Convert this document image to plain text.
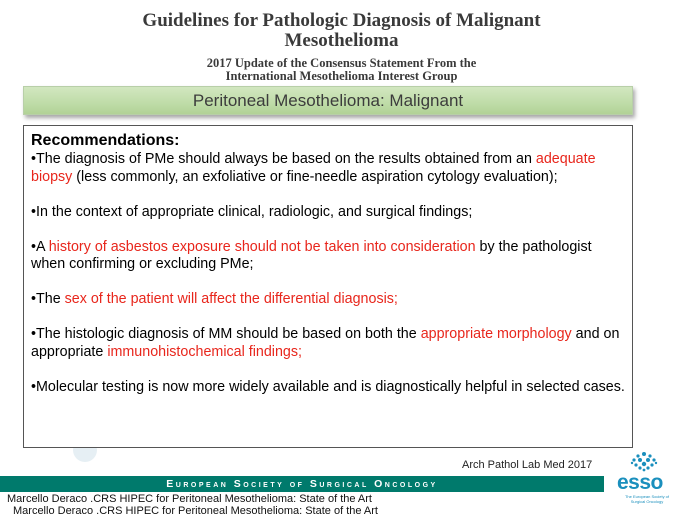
Guidelines for Pathologic Diagnosis of Malignant
Mesothelioma
2017 Update of the Consensus Statement From the
International Mesothelioma Interest Group
Peritoneal Mesothelioma: Malignant
Recommendations:

•The diagnosis of PMe should always be based on the results obtained from an adequate biopsy (less commonly, an exfoliative or fine-needle aspiration cytology evaluation);

•In the context of appropriate clinical, radiologic, and surgical findings;

•A history of asbestos exposure should not be taken into consideration by the pathologist when confirming or excluding PMe;

•The sex of the patient will affect the differential diagnosis;

•The histologic diagnosis of MM should be based on both the appropriate morphology and on appropriate immunohistochemical findings;

•Molecular testing is now more widely available and is diagnostically helpful in selected cases.

Arch Pathol Lab Med 2017
European Society of Surgical Oncology	esso
The European Society of Surgical Oncology
Marcello Deraco .CRS HIPEC for Peritoneal Mesothelioma: State of the Art
Marcello Deraco .CRS HIPEC for Peritoneal Mesothelioma: State of the Art
